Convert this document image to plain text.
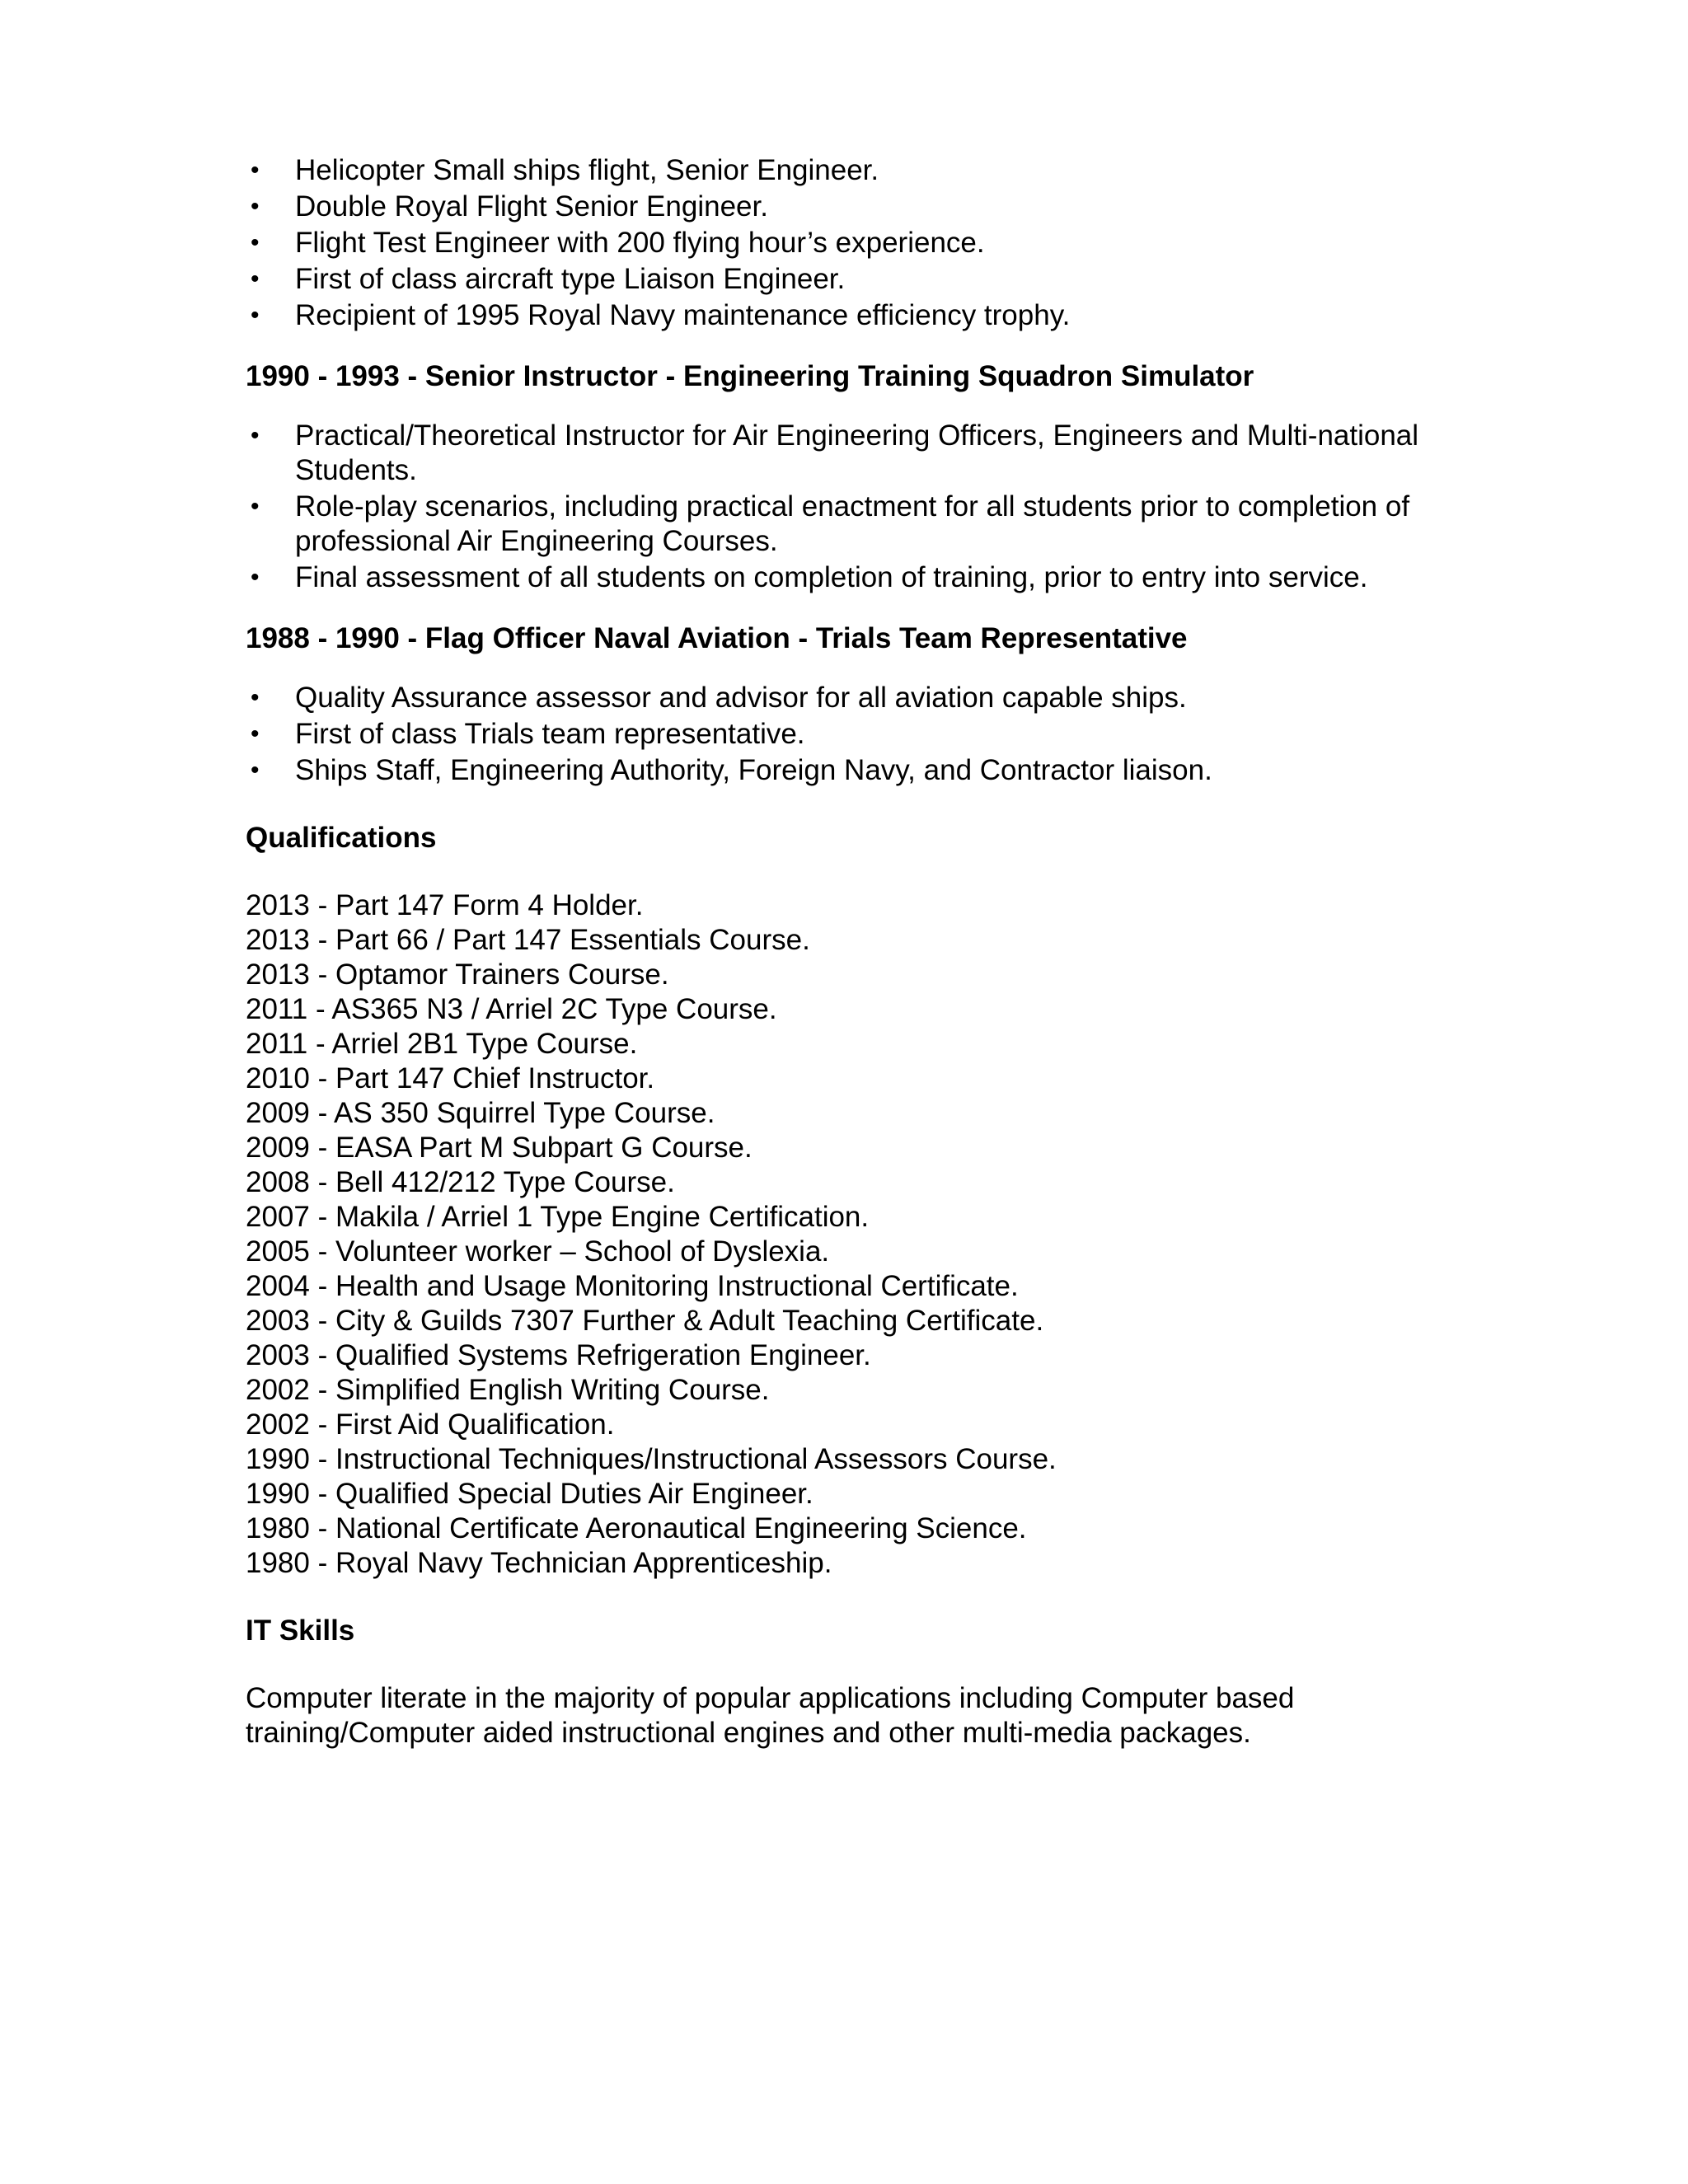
•	Helicopter Small ships flight, Senior Engineer.
•	Double Royal Flight Senior Engineer.
•	Flight Test Engineer with 200 flying hour’s experience.
•	First of class aircraft type Liaison Engineer.
•	Recipient of 1995 Royal Navy maintenance efficiency trophy.
1990 - 1993 - Senior Instructor - Engineering Training Squadron Simulator
•	Practical/Theoretical Instructor for Air Engineering Officers, Engineers and Multi-national Students.
•	Role-play scenarios, including practical enactment for all students prior to completion of professional Air Engineering Courses.
•	Final assessment of all students on completion of training, prior to entry into service.
1988 - 1990 - Flag Officer Naval Aviation - Trials Team Representative
•	Quality Assurance assessor and advisor for all aviation capable ships.
•	First of class Trials team representative.
•	Ships Staff, Engineering Authority, Foreign Navy, and Contractor liaison.
Qualifications
2013 - Part 147 Form 4 Holder.
2013 - Part 66 / Part 147 Essentials Course.
2013 - Optamor Trainers Course.
2011 - AS365 N3 / Arriel 2C Type Course.
2011 - Arriel 2B1 Type Course.
2010 - Part 147 Chief Instructor.
2009 - AS 350 Squirrel Type Course.
2009 - EASA Part M Subpart G Course.
2008 - Bell 412/212 Type Course.
2007 - Makila / Arriel 1 Type Engine Certification.
2005 - Volunteer worker – School of Dyslexia.
2004 - Health and Usage Monitoring Instructional Certificate.
2003 - City & Guilds 7307 Further & Adult Teaching Certificate.
2003 - Qualified Systems Refrigeration Engineer.
2002 - Simplified English Writing Course.
2002 - First Aid Qualification.
1990 - Instructional Techniques/Instructional Assessors Course.
1990 - Qualified Special Duties Air Engineer.
1980 - National Certificate Aeronautical Engineering Science.
1980 - Royal Navy Technician Apprenticeship.
IT Skills

Computer literate in the majority of popular applications including Computer based training/Computer aided instructional engines and other multi-media packages.
